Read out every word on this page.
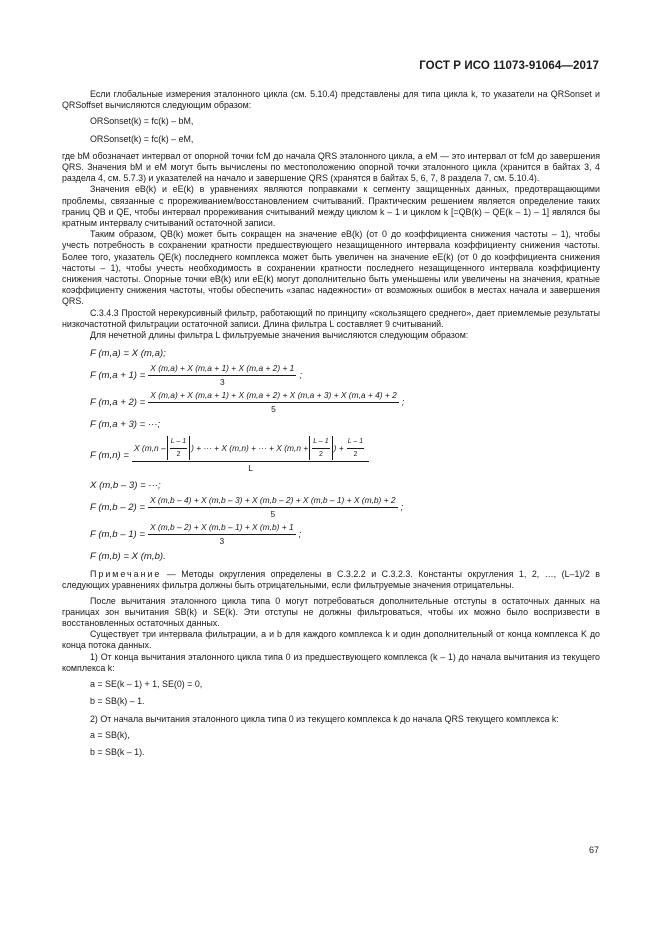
ГОСТ Р ИСО 11073-91064—2017

Если глобальные измерения эталонного цикла (см. 5.10.4) представлены для типа цикла k, то указатели на QRSonset и QRSoffset вычисляются следующим образом:

ORSonset(k) = fc(k) – bM,

ORSonset(k) = fc(k) – eM,

где bM обозначает интервал от опорной точки fcM до начала QRS эталонного цикла, а eM — это интервал от fcM до завершения QRS. Значения bM и eM могут быть вычислены по местоположению опорной точки эталонного цикла (хранится в байтах 3, 4 раздела 4, см. 5.7.3) и указателей на начало и завершение QRS (хранятся в байтах 5, 6, 7, 8 раздела 7, см. 5.10.4).

Значения eB(k) и eE(k) в уравнениях являются поправками к сегменту защищенных данных, предотвращающими проблемы, связанные с прореживанием/восстановлением считываний. Практическим решением является определение таких границ QB и QE, чтобы интервал прореживания считываний между циклом k – 1 и циклом k [=QB(k) – QE(k – 1) – 1] являлся бы кратным интервалу считываний остаточной записи.

Таким образом, QB(k) может быть сокращен на значение eB(k) (от 0 до коэффициента снижения частоты – 1), чтобы учесть потребность в сохранении кратности предшествующего незащищенного интервала коэффициенту снижения частоты. Более того, указатель QE(k) последнего комплекса может быть увеличен на значение eE(k) (от 0 до коэффициента снижения частоты – 1), чтобы учесть необходимость в сохранении кратности последнего незащищенного интервала коэффициенту снижения частоты. Опорные точки eB(k) или eE(k) могут дополнительно быть уменьшены или увеличены на значения, кратные коэффициенту снижения частоты, чтобы обеспечить «запас надежности» от возможных ошибок в местах начала и завершения QRS.

С.3.4.3 Простой нерекурсивный фильтр, работающий по принципу «скользящего среднего», дает приемлемые результаты низкочастотной фильтрации остаточной записи. Длина фильтра L составляет 9 считываний.

Для нечетной длины фильтра L фильтруемые значения вычисляются следующим образом:

F (m,a) = X (m,a);
F $(m,a + 1) = \frac{X (m,a) + X (m,a + 1) + X (m,a + 2) + 1}{3}$ ;
F (m,a + 2) =
X (m,a) + X (m,a + 1) + X (m,a + 2) + X (m,a + 3) + X (m,a + 4) + 2
5
;
F (m,a + 3) = ···;
F (m,n) =
X ( m,n –
L – 1
2
) + ··· + X (m,n) + ··· + X ( $m,n + \frac{L - 1}{2}$ ) + $\frac{L - 1}{2}$
L
X (m,b – 3) = ···;
F (m,b – 2) =
X (m,b – 4) + X (m,b – 3) + X (m,b – 2) + X (m,b – 1) + X (m,b) + 2
5
;
F $(m,b - 1) = \frac{X (m,b - 2) + X (m,b - 1) + X (m,b) + 1}{3}$ ;
F (m,b) = X (m,b).

Примечание — Методы округления определены в С.3.2.2 и С.3.2.3. Константы округления 1, 2, …, (L–1)/2 в следующих уравнениях фильтра должны быть отрицательными, если фильтруемые значения отрицательны.

После вычитания эталонного цикла типа 0 могут потребоваться дополнительные отступы в остаточных данных на границах зон вычитания SB(k) и SE(k). Эти отступы не должны фильтроваться, чтобы их можно было воспризвести в восстановленных остаточных данных.

Существует три интервала фильтрации, a и b для каждого комплекса k и один дополнительный от конца комплекса K до конца потока данных.

1) От конца вычитания эталонного цикла типа 0 из предшествующего комплекса (k – 1) до начала вычитания из текущего комплекса k:

a = SE(k – 1) + 1, SE(0) = 0,

b = SB(k) – 1.

2) От начала вычитания эталонного цикла типа 0 из текущего комплекса k до начала QRS текущего комплекса k:

a = SB(k),

b = SB(k – 1).

67
